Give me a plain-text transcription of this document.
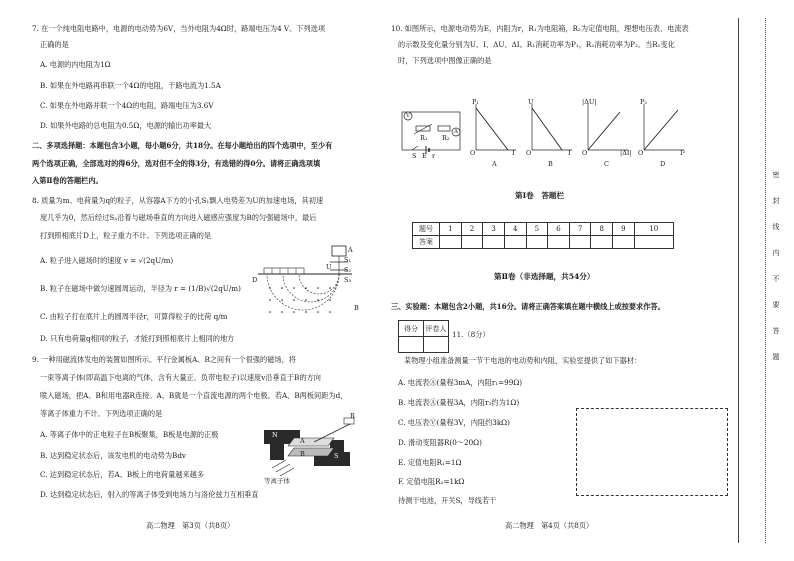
7. 在一个纯电阻电路中，电源的电动势为6V，当外电阻为4Ω时，路端电压为4 V。下列选项
正确的是
A. 电源的内电阻为1Ω
B. 如果在外电路再串联一个4Ω的电阻，干路电流为1.5A
C. 如果在外电路并联一个4Ω的电阻，路端电压为3.6V
D. 如果外电路的总电阻为0.5Ω，电源的输出功率最大
二、多项选择题：本题包含3小题，每小题6分，共18分。在每小题给出的四个选项中，至少有
两个选项正确，全部选对的得6分，选对但不全的得3分，有选错的得0分。请将正确选项填
入第Ⅱ卷的答题栏内。
8. 质量为m、电荷量为q的粒子，从容器A下方的小孔S₁飘入电势差为U的加速电场，其初速
度几乎为0，然后经过S₃沿着与磁场垂直的方向进入磁感应强度为B的匀强磁场中，最后
打到照相底片D上，粒子重力不计。下列选项正确的是
A. 粒子进入磁场时的速度 v = √(2qU/m)
B. 粒子在磁场中做匀速圆周运动，半径为 r = (1/B)√(2qU/m)
C. 由粒子打在底片上的圆周半径r，可算得粒子的比荷 q/m
D. 只有电荷量q相同的粒子，才能打到照相底片上相同的地方
A
S₁
U S₂
S₃
D
B
9. 一种用磁流体发电的装置如图所示。平行金属板A、B之间有一个很强的磁场，将
一束等离子体(即高温下电离的气体，含有大量正、负带电粒子)以速度v沿垂直于B的方向
喷入磁场，把A、B和用电器R连接。A、B就是一个直流电源的两个电极。若A、B两板间距为d，
等离子体重力不计。下列选项正确的是
A. 等离子体中的正电粒子在B板聚集，B板是电源的正极
B. 达到稳定状态后，该发电机的电动势为Bdv
C. 达到稳定状态后，若A、B板上的电荷量越来越多
D. 达到稳定状态后，射入的等离子体受到电场力与洛伦兹力互相垂直
N
S
A
B
R
等离子体
高二物理　第3页（共8页）
10. 如图所示，电源电动势为E，内阻为r，R₁为电阻箱，R₂为定值电阻，理想电压表、电流表
的示数及变化量分别为U、I、ΔU、ΔI。R₁消耗功率为P₁，R₂消耗功率为P₂。当R₁变化
时，下列选项中图像正确的是
V
A
R₁ R₂
S E r
P₁
O	I
A
U
O	I
B
|ΔU|
O	|ΔI|
C
P₂
O	I²
D
第Ⅰ卷　答题栏
题号	1	2	3	4	5	6	7	8	9	10
答案										
第Ⅱ卷（非选择题，共54分）
三、实验题：本题包含2小题，共16分。请将正确答案填在题中横线上或按要求作答。
得分	评卷人

11.（8分）
某物理小组准备测量一节干电池的电动势和内阻，实验室提供了如下器材：
A. 电流表Ⓐ(量程3mA，内阻r₁=99Ω)
B. 电流表Ⓐ(量程3A，内阻r₂约为1Ω)
C. 电压表Ⓥ(量程3V，内阻约3kΩ)
D. 滑动变阻器R(0～20Ω)
E. 定值电阻R₁=1Ω
F. 定值电阻R₂=1kΩ
待测干电池，开关S，导线若干
高二物理　第4页（共8页）
密
封
线
内
不
要
答
题
